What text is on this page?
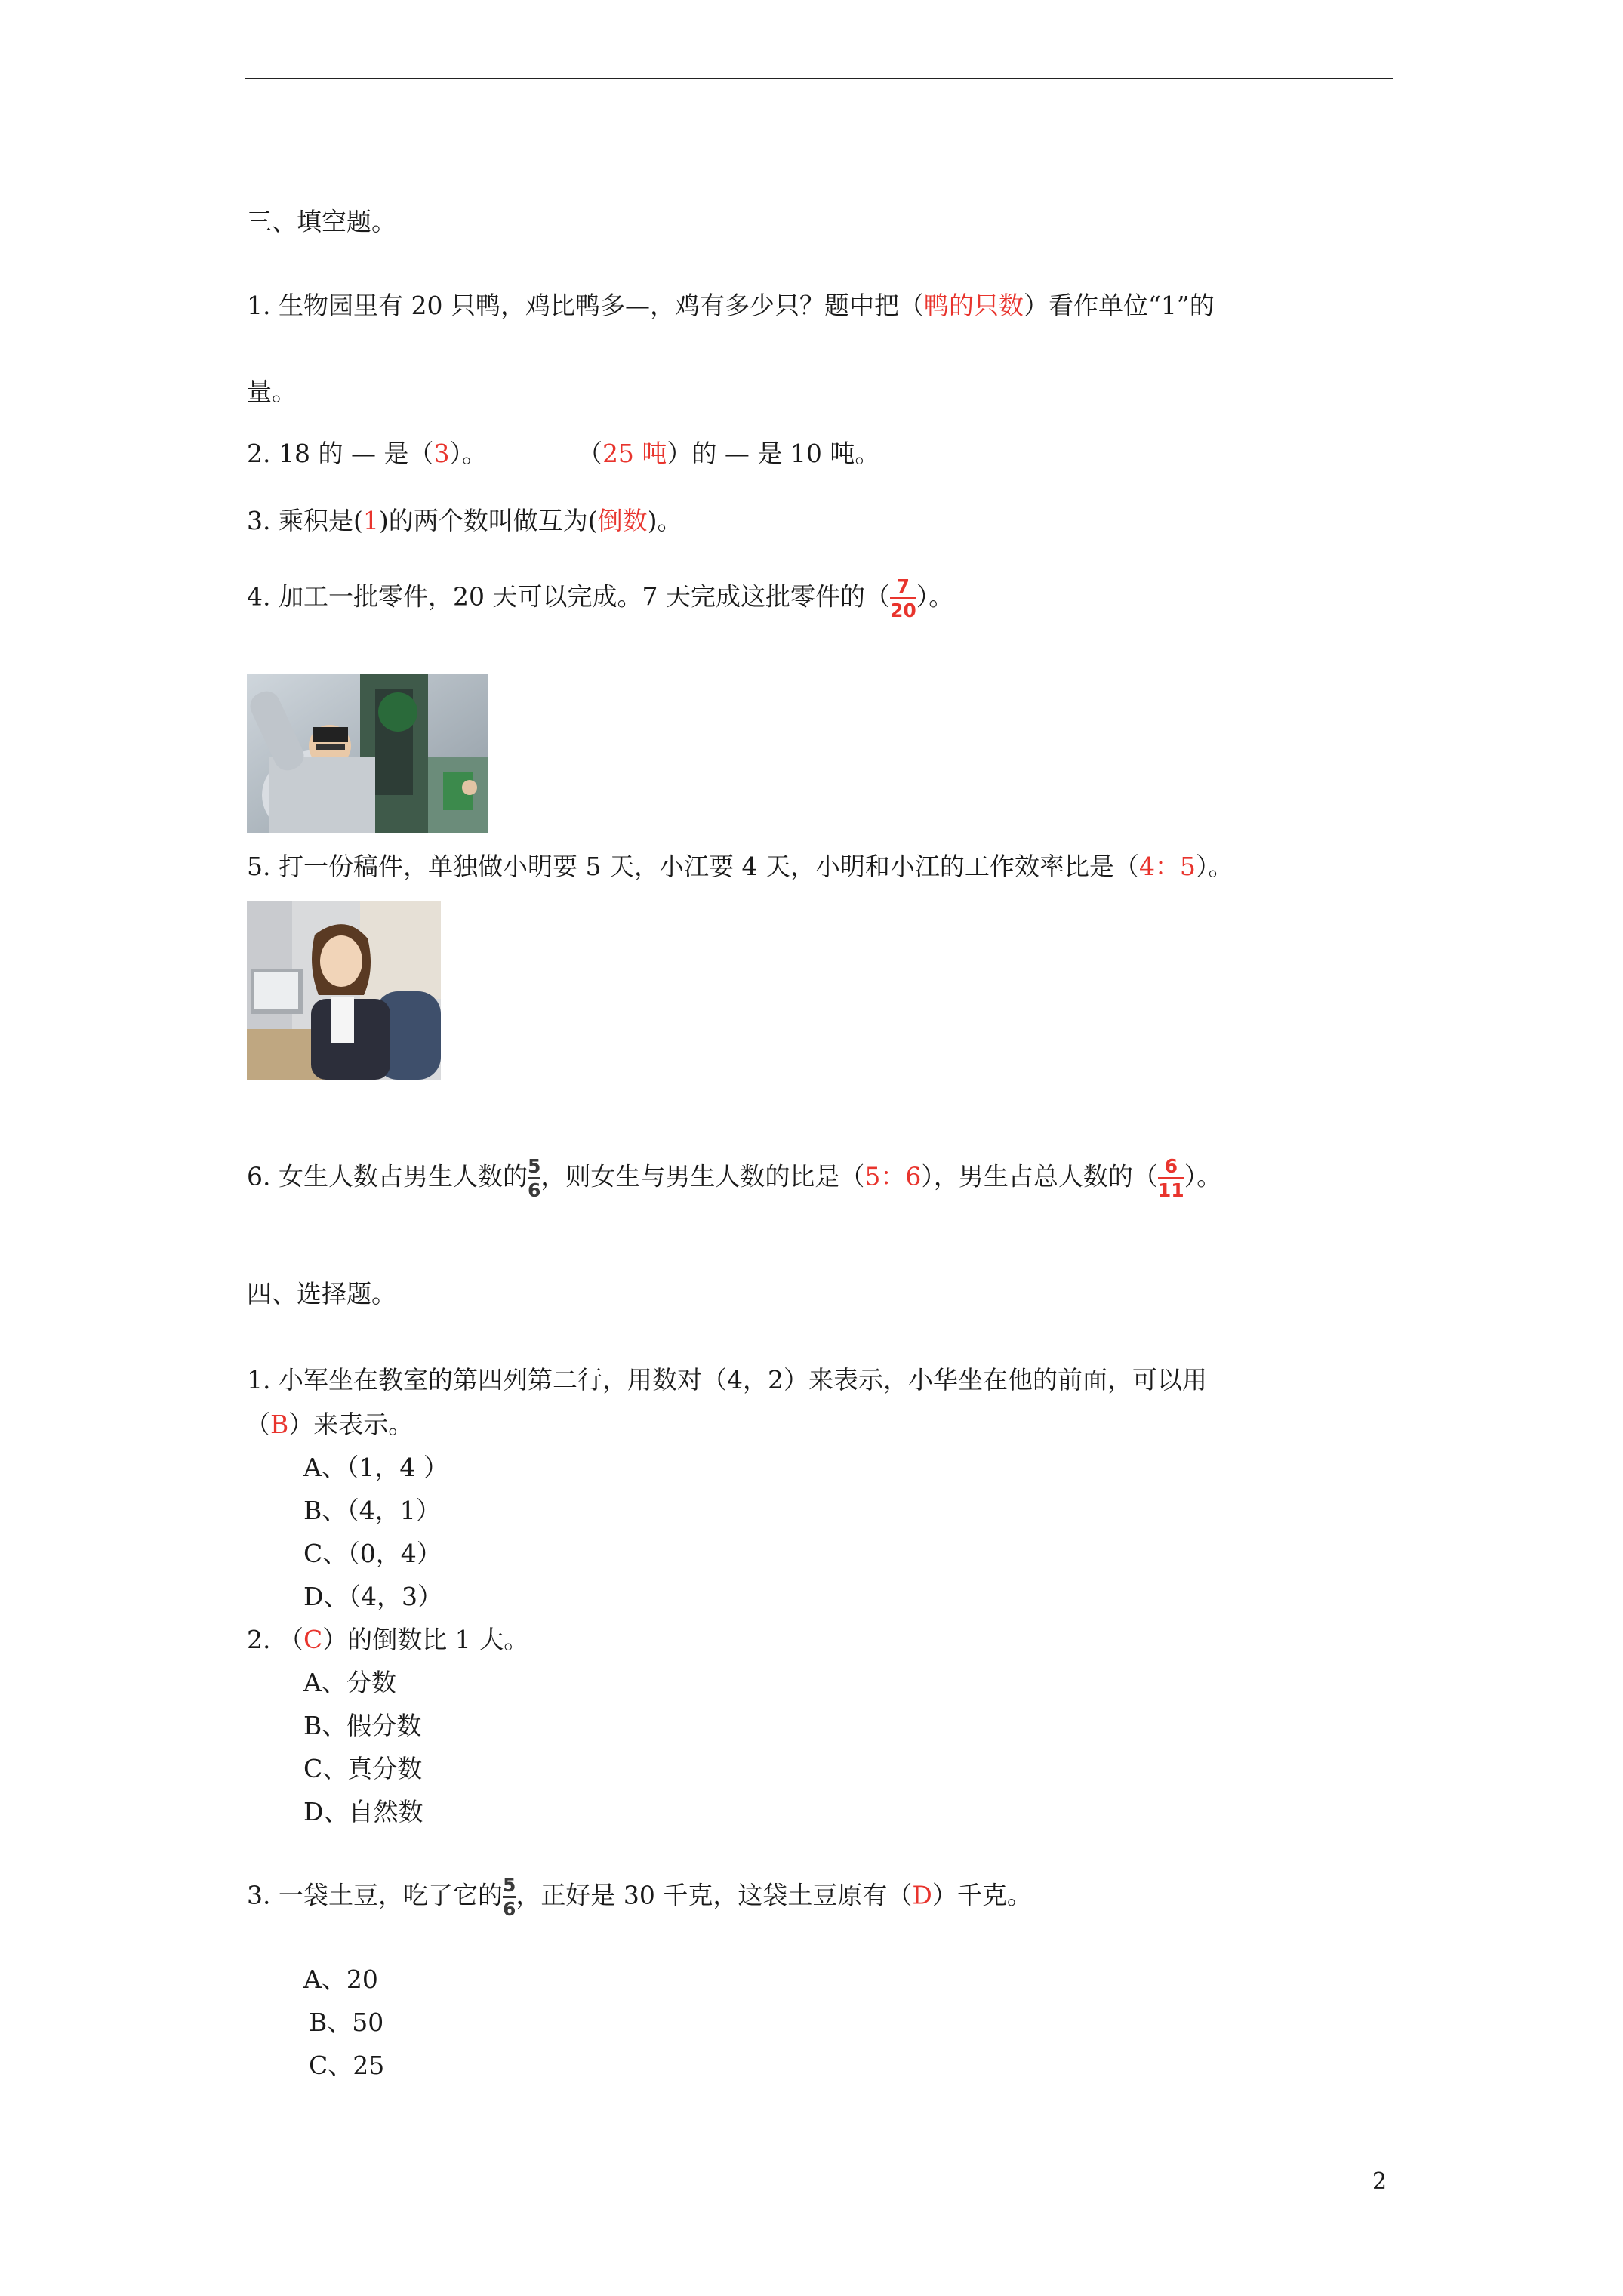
三、填空题。
1. 生物园里有 20 只鸭，鸡比鸭多—，鸡有多少只？题中把（鸭的只数）看作单位“1”的
量。
2. 18 的 — 是（3）。	（25 吨）的 — 是 10 吨。
3. 乘积是(1)的两个数叫做互为(倒数)。
4. 加工一批零件，20 天可以完成。7 天完成这批零件的（ $\frac{7}{20}$ ）。
5. 打一份稿件，单独做小明要 5 天，小江要 4 天，小明和小江的工作效率比是（4：5）。
6. 女生人数占男生人数的 $\frac{5}{6}$ ，则女生与男生人数的比是（5：6），男生占总人数的（ $\frac{6}{11}$ ）。
四、选择题。
1. 小军坐在教室的第四列第二行，用数对（4，2）来表示，小华坐在他的前面，可以用
（B）来表示。
A、（1，4 ）
B、（4，1）
C、（0，4）
D、（4，3）
2. （C）的倒数比 1 大。
A、分数
B、假分数
C、真分数
D、自然数
3. 一袋土豆，吃了它的 $\frac{5}{6}$ ，正好是 30 千克，这袋土豆原有（D）千克。
A、20
B、50
C、25
2
